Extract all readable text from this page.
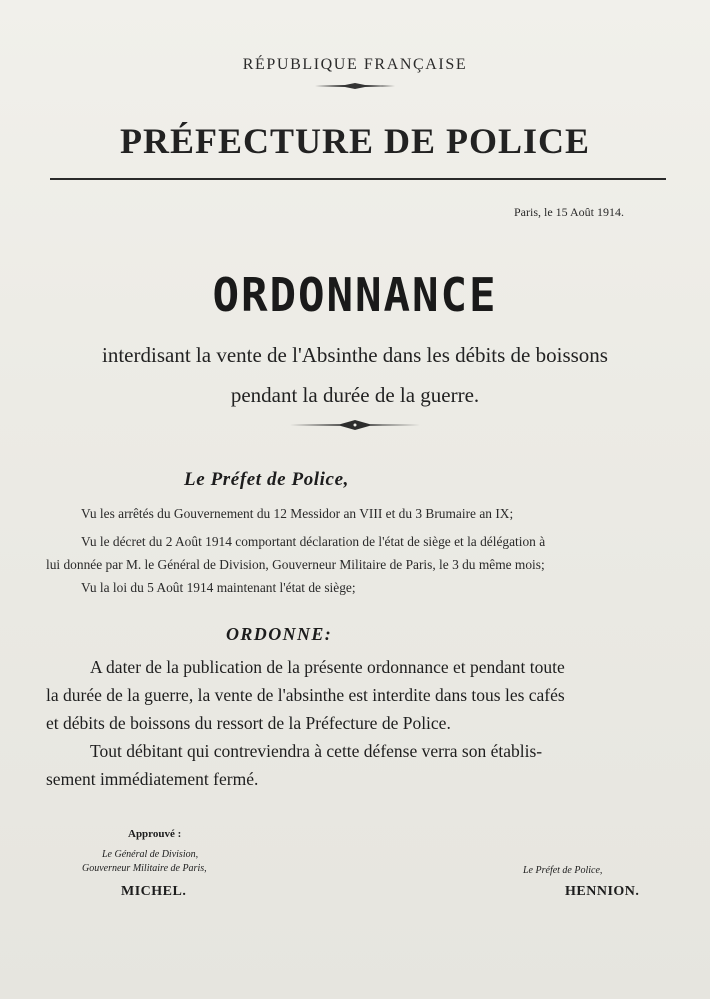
RÉPUBLIQUE FRANÇAISE
PRÉFECTURE DE POLICE
Paris, le 15 Août 1914.
ORDONNANCE
interdisant la vente de l'Absinthe dans les débits de boissons
pendant la durée de la guerre.
Le Préfet de Police,
Vu les arrêtés du Gouvernement du 12 Messidor an VIII et du 3 Brumaire an IX;
Vu le décret du 2 Août 1914 comportant déclaration de l'état de siège et la délégation à
lui donnée par M. le Général de Division, Gouverneur Militaire de Paris, le 3 du même mois;
Vu la loi du 5 Août 1914 maintenant l'état de siège;
ORDONNE:
A dater de la publication de la présente ordonnance et pendant toute
la durée de la guerre, la vente de l'absinthe est interdite dans tous les cafés
et débits de boissons du ressort de la Préfecture de Police.
Tout débitant qui contreviendra à cette défense verra son établis-
sement immédiatement fermé.
Approuvé :
Le Général de Division,
Gouverneur Militaire de Paris,
MICHEL.
Le Préfet de Police,
HENNION.
